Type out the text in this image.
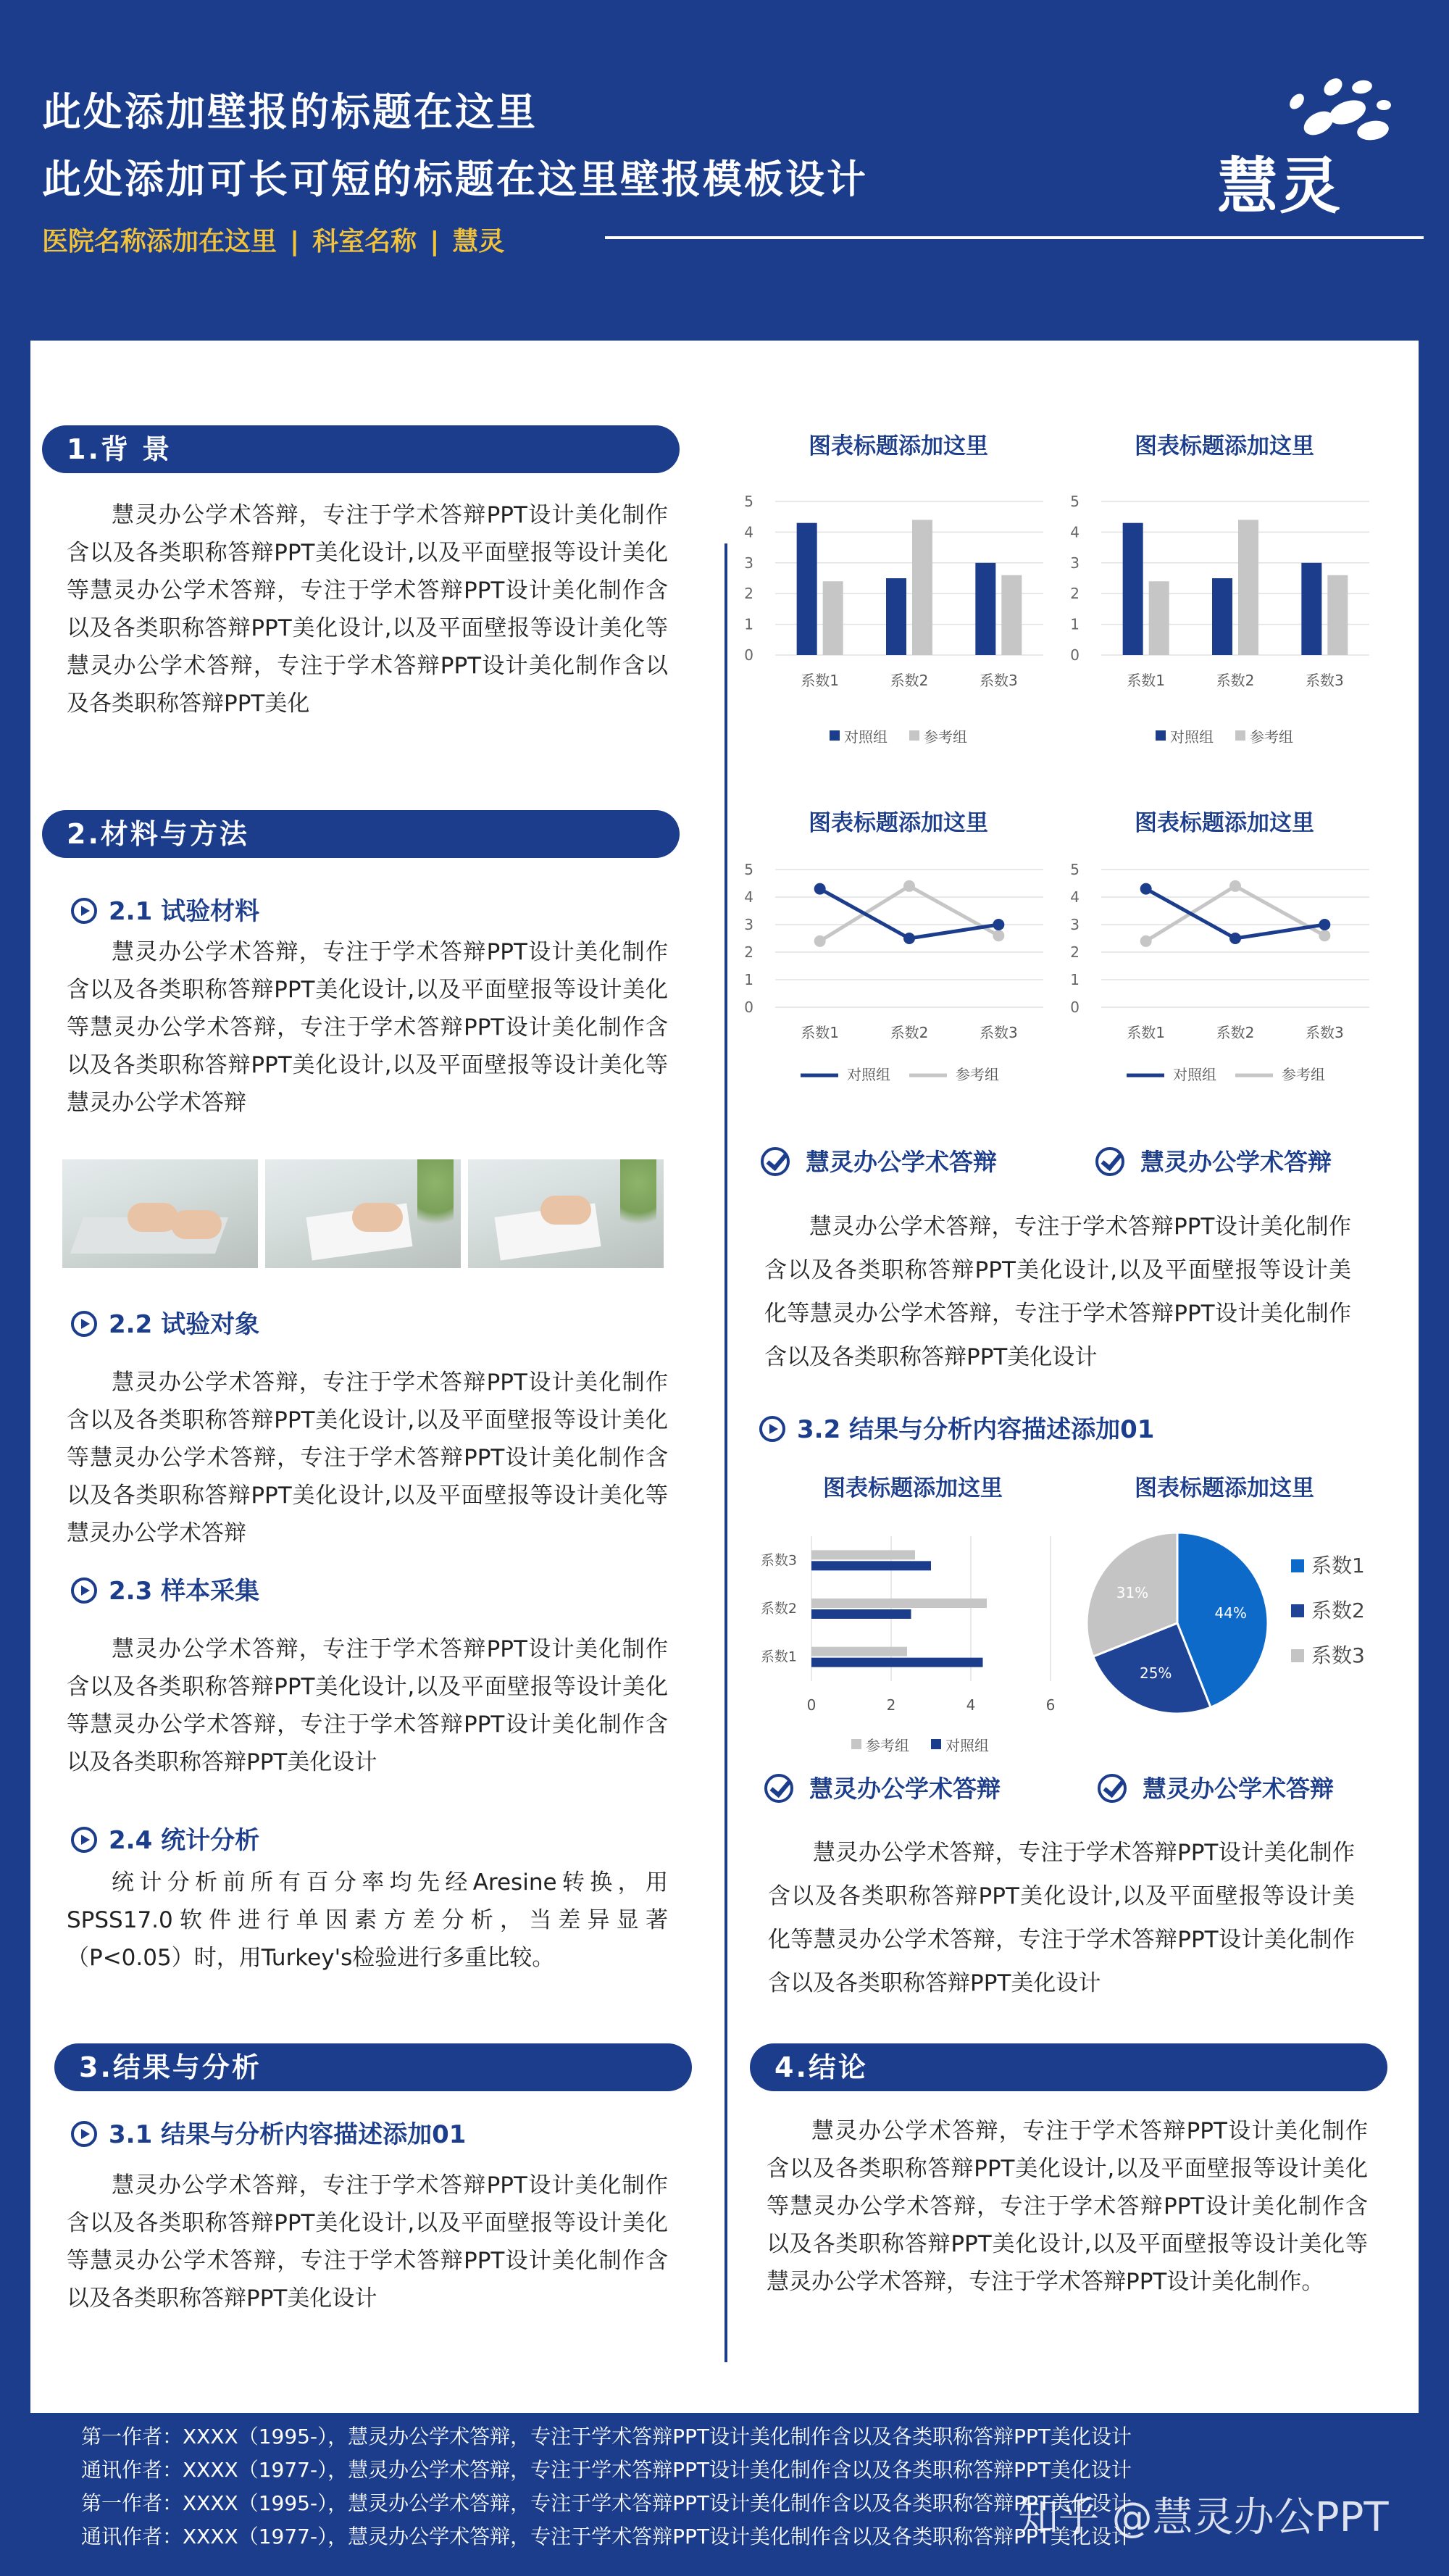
此处添加壁报的标题在这里
此处添加可长可短的标题在这里壁报模板设计
医院名称添加在这里 | 科室名称 | 慧灵
慧灵
1.背 景
慧灵办公学术答辩，专注于学术答辩PPT设计美化制作含以及各类职称答辩PPT美化设计,以及平面壁报等设计美化等慧灵办公学术答辩，专注于学术答辩PPT设计美化制作含以及各类职称答辩PPT美化设计,以及平面壁报等设计美化等慧灵办公学术答辩，专注于学术答辩PPT设计美化制作含以及各类职称答辩PPT美化
2.材料与方法
2.1 试验材料
慧灵办公学术答辩，专注于学术答辩PPT设计美化制作含以及各类职称答辩PPT美化设计,以及平面壁报等设计美化等慧灵办公学术答辩，专注于学术答辩PPT设计美化制作含以及各类职称答辩PPT美化设计,以及平面壁报等设计美化等慧灵办公学术答辩
2.2 试验对象
慧灵办公学术答辩，专注于学术答辩PPT设计美化制作含以及各类职称答辩PPT美化设计,以及平面壁报等设计美化等慧灵办公学术答辩，专注于学术答辩PPT设计美化制作含以及各类职称答辩PPT美化设计,以及平面壁报等设计美化等慧灵办公学术答辩
2.3 样本采集
慧灵办公学术答辩，专注于学术答辩PPT设计美化制作含以及各类职称答辩PPT美化设计,以及平面壁报等设计美化等慧灵办公学术答辩，专注于学术答辩PPT设计美化制作含以及各类职称答辩PPT美化设计
2.4 统计分析
统计分析前所有百分率均先经Aresine转换，用SPSS17.0软件进行单因素方差分析，当差异显著（P<0.05）时，用Turkey's检验进行多重比较。
3.结果与分析
3.1 结果与分析内容描述添加01
慧灵办公学术答辩，专注于学术答辩PPT设计美化制作含以及各类职称答辩PPT美化设计,以及平面壁报等设计美化等慧灵办公学术答辩，专注于学术答辩PPT设计美化制作含以及各类职称答辩PPT美化设计
图表标题添加这里
0
1
2
3
4
5
系数1	系数2	系数3
对照组	参考组
图表标题添加这里
0
1
2
3
4
5
系数1	系数2	系数3
对照组	参考组
图表标题添加这里
0
1
2
3
4
5
系数1	系数2	系数3
对照组	参考组
图表标题添加这里
0
1
2
3
4
5
系数1	系数2	系数3
对照组	参考组
慧灵办公学术答辩	慧灵办公学术答辩
慧灵办公学术答辩，专注于学术答辩PPT设计美化制作含以及各类职称答辩PPT美化设计,以及平面壁报等设计美化等慧灵办公学术答辩，专注于学术答辩PPT设计美化制作含以及各类职称答辩PPT美化设计
3.2 结果与分析内容描述添加01
图表标题添加这里
0	2	4	6
系数1
系数2
系数3
参考组	对照组
图表标题添加这里
44%
25%
31%
系数1
系数2
系数3
慧灵办公学术答辩	慧灵办公学术答辩
慧灵办公学术答辩，专注于学术答辩PPT设计美化制作含以及各类职称答辩PPT美化设计,以及平面壁报等设计美化等慧灵办公学术答辩，专注于学术答辩PPT设计美化制作含以及各类职称答辩PPT美化设计
4.结论
慧灵办公学术答辩，专注于学术答辩PPT设计美化制作含以及各类职称答辩PPT美化设计,以及平面壁报等设计美化等慧灵办公学术答辩，专注于学术答辩PPT设计美化制作含以及各类职称答辩PPT美化设计,以及平面壁报等设计美化等慧灵办公学术答辩，专注于学术答辩PPT设计美化制作。
第一作者：XXXX（1995-），慧灵办公学术答辩，专注于学术答辩PPT设计美化制作含以及各类职称答辩PPT美化设计
通讯作者：XXXX（1977-），慧灵办公学术答辩，专注于学术答辩PPT设计美化制作含以及各类职称答辩PPT美化设计
第一作者：XXXX（1995-），慧灵办公学术答辩，专注于学术答辩PPT设计美化制作含以及各类职称答辩PPT美化设计
通讯作者：XXXX（1977-），慧灵办公学术答辩，专注于学术答辩PPT设计美化制作含以及各类职称答辩PPT美化设计
知乎 @慧灵办公PPT
